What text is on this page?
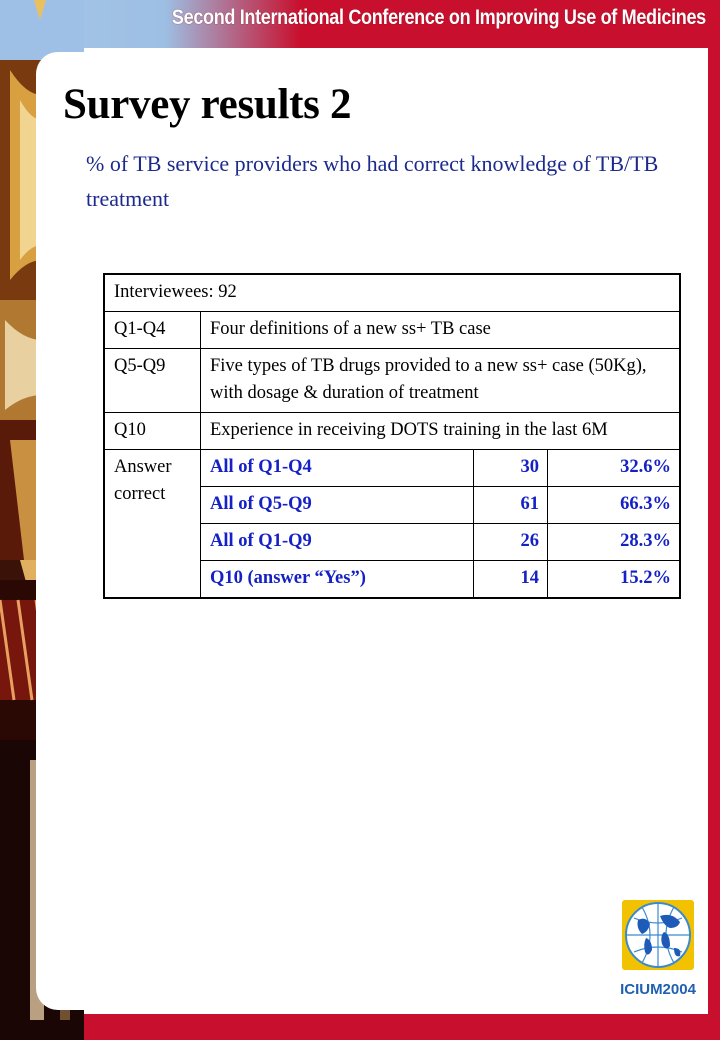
Second International Conference on Improving Use of Medicines
Survey results 2

% of TB service providers who had correct knowledge of TB/TB treatment

Interviewees: 92			
Q1-Q4	Four definitions of a new ss+ TB case		
Q5-Q9	Five types of TB drugs provided to a new ss+ case (50Kg), with dosage & duration of treatment		
Q10	Experience in receiving DOTS training in the last 6M		
Answer correct	All of Q1-Q4	30	32.6%
	All of Q5-Q9	61	66.3%
	All of Q1-Q9	26	28.3%
	Q10 (answer “Yes”)	14	15.2%
ICIUM2004
